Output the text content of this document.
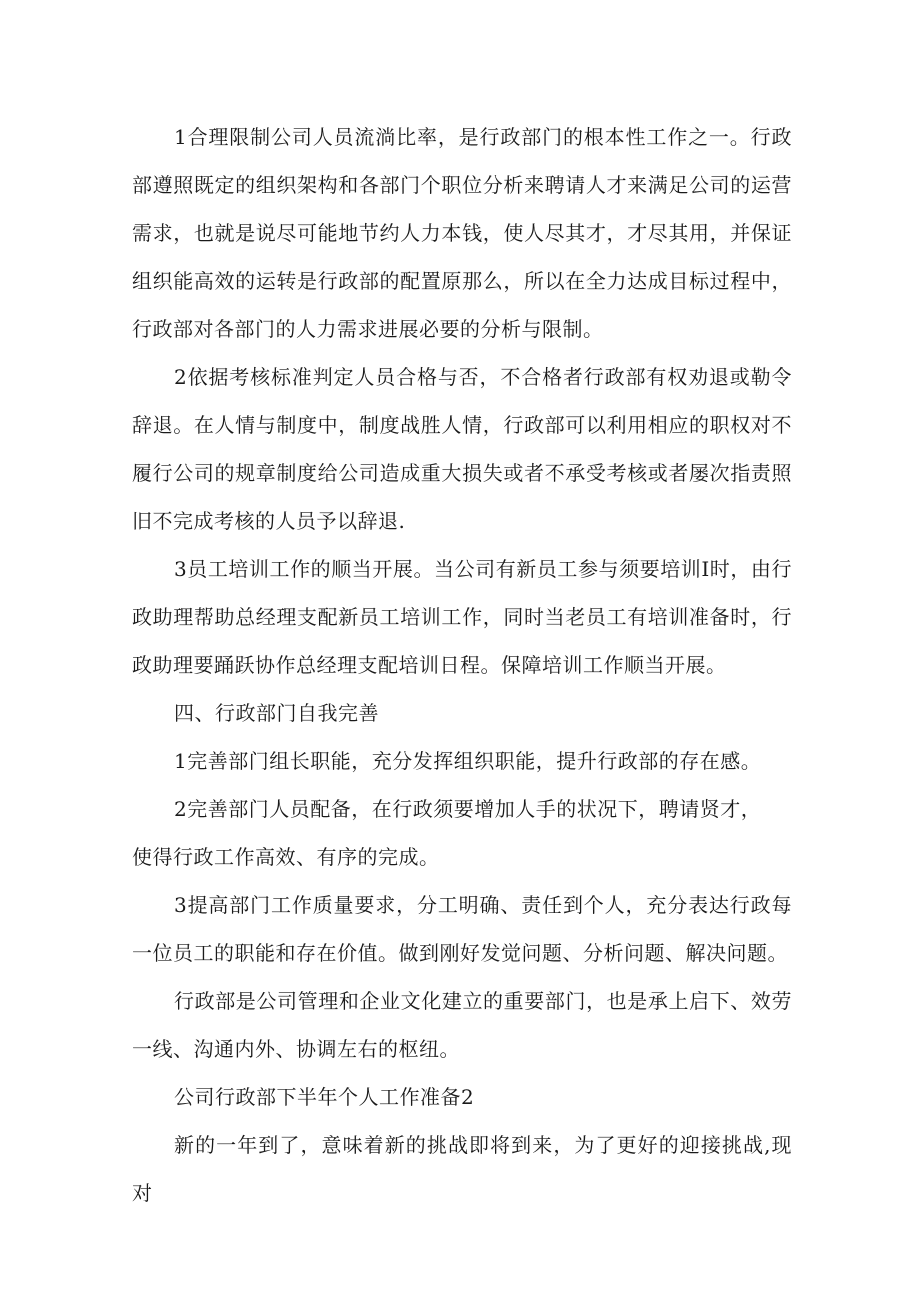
1合理限制公司人员流淌比率，是行政部门的根本性工作之一。行政部遵照既定的组织架构和各部门个职位分析来聘请人才来满足公司的运营需求，也就是说尽可能地节约人力本钱，使人尽其才，才尽其用，并保证组织能高效的运转是行政部的配置原那么，所以在全力达成目标过程中，行政部对各部门的人力需求进展必要的分析与限制。

2依据考核标准判定人员合格与否，不合格者行政部有权劝退或勒令辞退。在人情与制度中，制度战胜人情，行政部可以利用相应的职权对不履行公司的规章制度给公司造成重大损失或者不承受考核或者屡次指责照旧不完成考核的人员予以辞退.

3员工培训工作的顺当开展。当公司有新员工参与须要培训I时，由行政助理帮助总经理支配新员工培训工作，同时当老员工有培训准备时，行政助理要踊跃协作总经理支配培训日程。保障培训工作顺当开展。

四、行政部门自我完善

1完善部门组长职能，充分发挥组织职能，提升行政部的存在感。

2完善部门人员配备，在行政须要增加人手的状况下，聘请贤才，

使得行政工作高效、有序的完成。

3提高部门工作质量要求，分工明确、责任到个人，充分表达行政每一位员工的职能和存在价值。做到刚好发觉问题、分析问题、解决问题。

行政部是公司管理和企业文化建立的重要部门，也是承上启下、效劳一线、沟通内外、协调左右的枢纽。

公司行政部下半年个人工作准备2

新的一年到了，意味着新的挑战即将到来，为了更好的迎接挑战,现对
